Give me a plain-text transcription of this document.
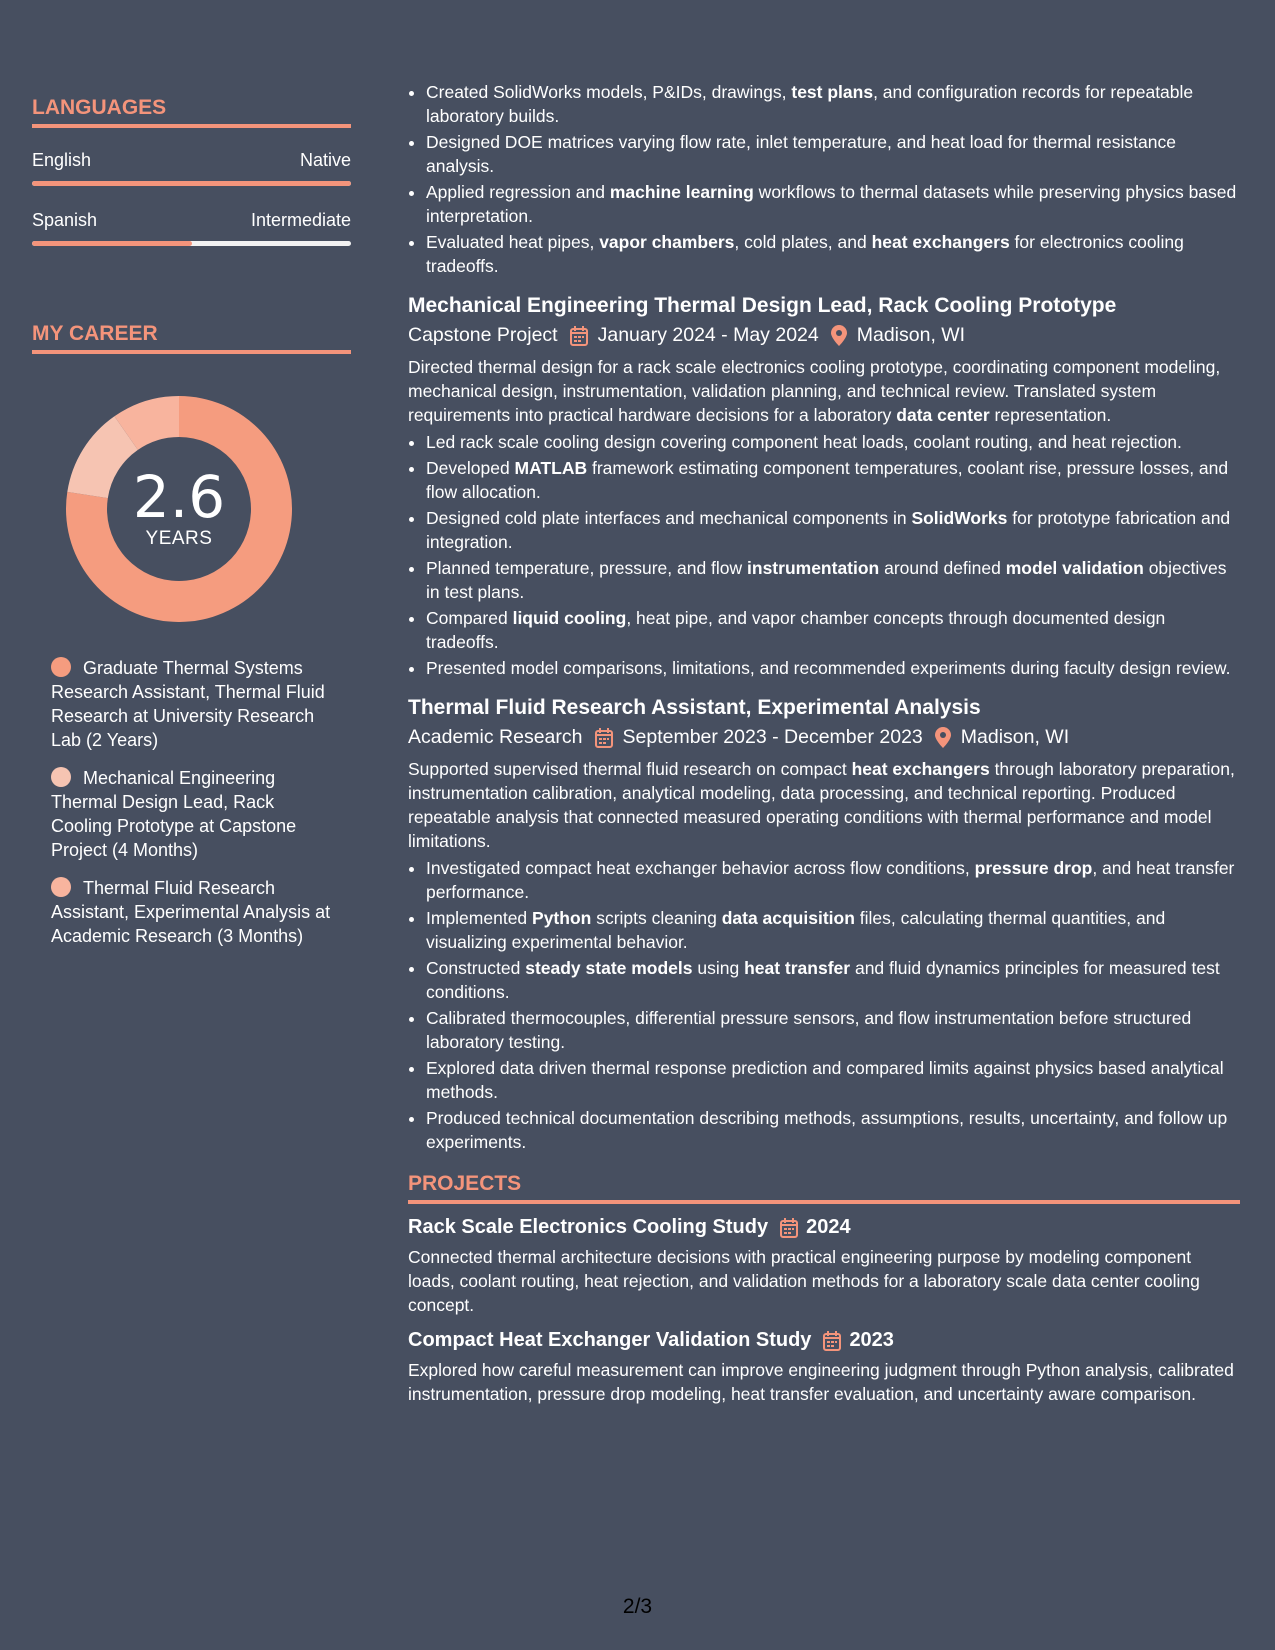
LANGUAGES
English	Native
Spanish	Intermediate
MY CAREER
2.6
YEARS
Graduate Thermal Systems Research Assistant, Thermal Fluid Research at University Research Lab (2 Years)
Mechanical Engineering Thermal Design Lead, Rack Cooling Prototype at Capstone Project (4 Months)
Thermal Fluid Research Assistant, Experimental Analysis at Academic Research (3 Months)
• Created SolidWorks models, P&IDs, drawings, test plans, and configuration records for repeatable laboratory builds.
• Designed DOE matrices varying flow rate, inlet temperature, and heat load for thermal resistance analysis.
• Applied regression and machine learning workflows to thermal datasets while preserving physics based interpretation.
• Evaluated heat pipes, vapor chambers, cold plates, and heat exchangers for electronics cooling tradeoffs.
Mechanical Engineering Thermal Design Lead, Rack Cooling Prototype
Capstone Project January 2024 - May 2024 Madison, WI
Directed thermal design for a rack scale electronics cooling prototype, coordinating component modeling, mechanical design, instrumentation, validation planning, and technical review. Translated system requirements into practical hardware decisions for a laboratory data center representation.
• Led rack scale cooling design covering component heat loads, coolant routing, and heat rejection.
• Developed MATLAB framework estimating component temperatures, coolant rise, pressure losses, and flow allocation.
• Designed cold plate interfaces and mechanical components in SolidWorks for prototype fabrication and integration.
• Planned temperature, pressure, and flow instrumentation around defined model validation objectives in test plans.
• Compared liquid cooling, heat pipe, and vapor chamber concepts through documented design tradeoffs.
• Presented model comparisons, limitations, and recommended experiments during faculty design review.
Thermal Fluid Research Assistant, Experimental Analysis
Academic Research September 2023 - December 2023 Madison, WI
Supported supervised thermal fluid research on compact heat exchangers through laboratory preparation, instrumentation calibration, analytical modeling, data processing, and technical reporting. Produced repeatable analysis that connected measured operating conditions with thermal performance and model limitations.
• Investigated compact heat exchanger behavior across flow conditions, pressure drop, and heat transfer performance.
• Implemented Python scripts cleaning data acquisition files, calculating thermal quantities, and visualizing experimental behavior.
• Constructed steady state models using heat transfer and fluid dynamics principles for measured test conditions.
• Calibrated thermocouples, differential pressure sensors, and flow instrumentation before structured laboratory testing.
• Explored data driven thermal response prediction and compared limits against physics based analytical methods.
• Produced technical documentation describing methods, assumptions, results, uncertainty, and follow up experiments.
PROJECTS
Rack Scale Electronics Cooling Study 2024
Connected thermal architecture decisions with practical engineering purpose by modeling component loads, coolant routing, heat rejection, and validation methods for a laboratory scale data center cooling concept.
Compact Heat Exchanger Validation Study 2023
Explored how careful measurement can improve engineering judgment through Python analysis, calibrated instrumentation, pressure drop modeling, heat transfer evaluation, and uncertainty aware comparison.
2/3
